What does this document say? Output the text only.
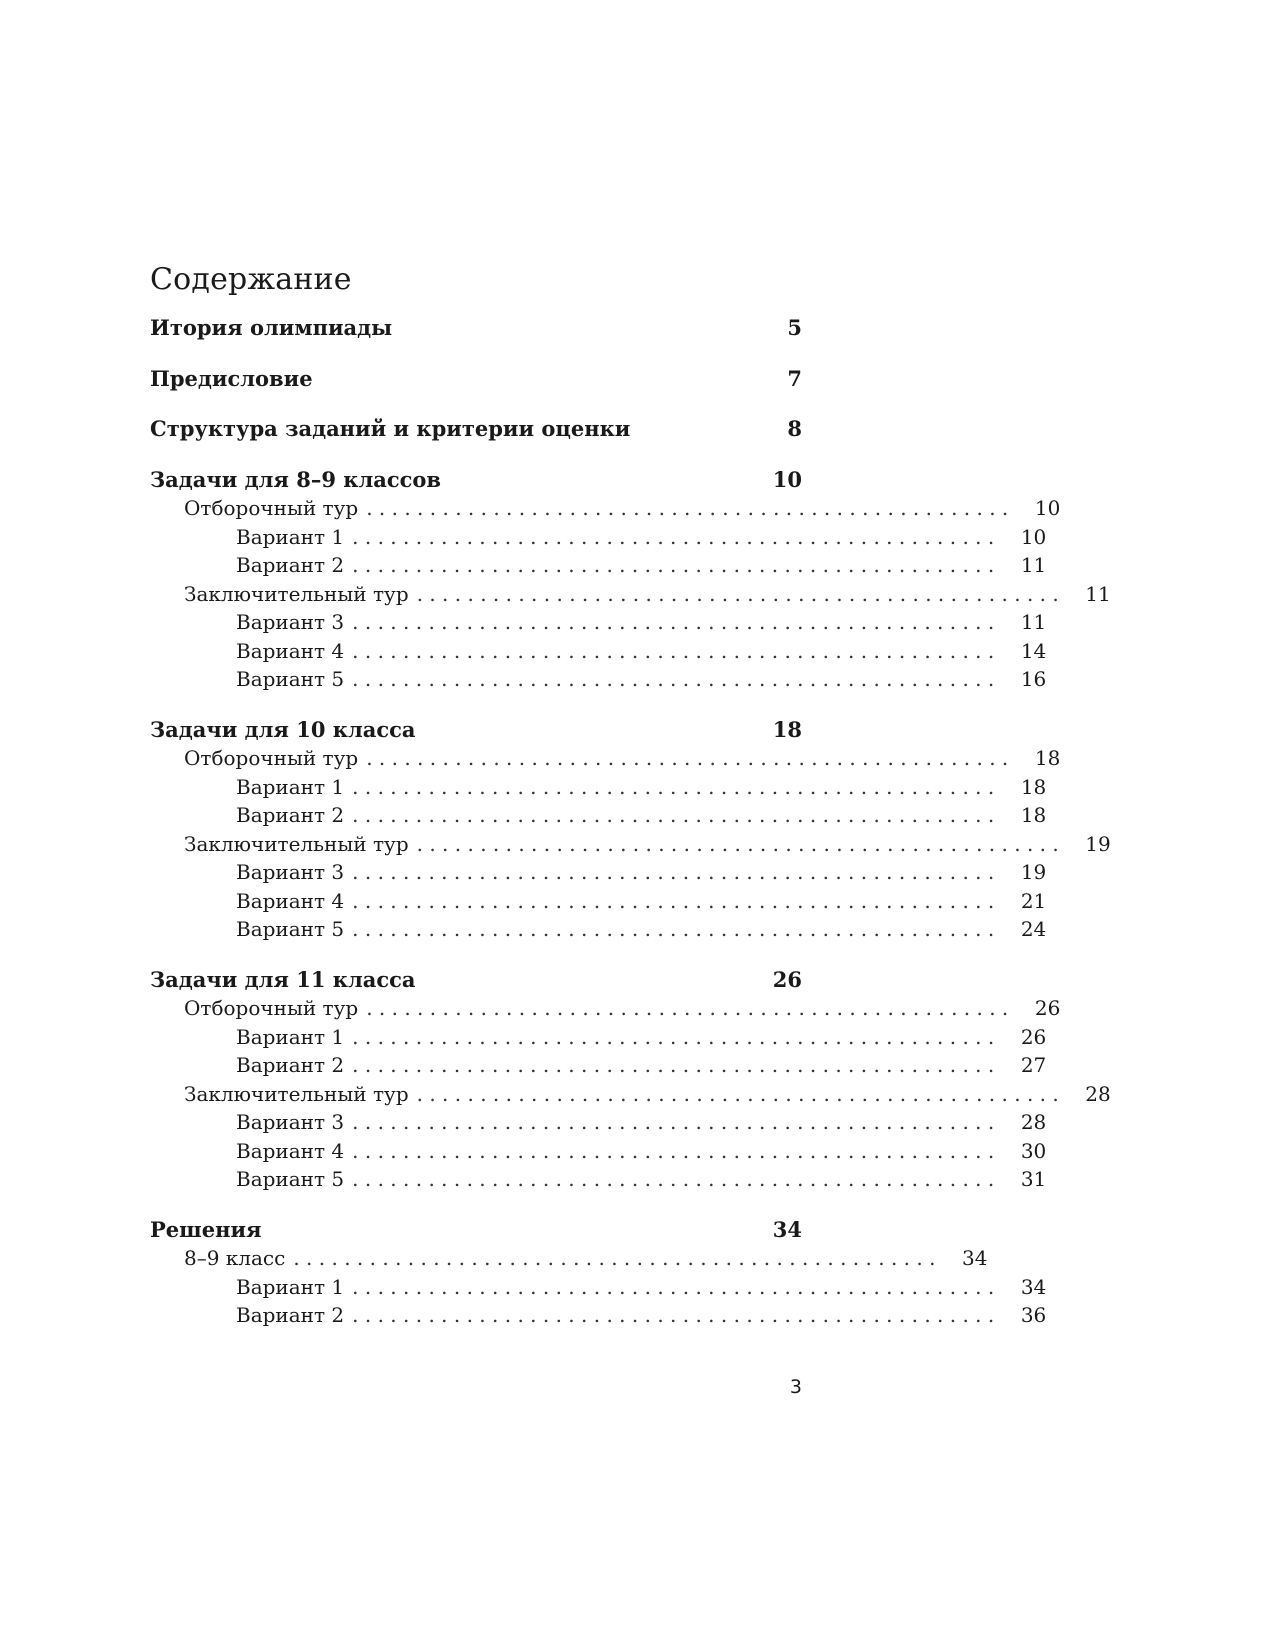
Содержание
Итория олимпиады	5
Предисловие	7
Структура заданий и критерии оценки	8
Задачи для 8–9 классов	10
Отборочный тур . . . . . . . . . . . . . . . . . . . . . . . . . . . . . . . . . . . . . . . . . . . . . . . . . . .	10
Вариант 1 . . . . . . . . . . . . . . . . . . . . . . . . . . . . . . . . . . . . . . . . . . . . . . . . . . .	10
Вариант 2 . . . . . . . . . . . . . . . . . . . . . . . . . . . . . . . . . . . . . . . . . . . . . . . . . . .	11
Заключительный тур . . . . . . . . . . . . . . . . . . . . . . . . . . . . . . . . . . . . . . . . . . . . . . . . . . .	11
Вариант 3 . . . . . . . . . . . . . . . . . . . . . . . . . . . . . . . . . . . . . . . . . . . . . . . . . . .	11
Вариант 4 . . . . . . . . . . . . . . . . . . . . . . . . . . . . . . . . . . . . . . . . . . . . . . . . . . .	14
Вариант 5 . . . . . . . . . . . . . . . . . . . . . . . . . . . . . . . . . . . . . . . . . . . . . . . . . . .	16
Задачи для 10 класса	18
Отборочный тур . . . . . . . . . . . . . . . . . . . . . . . . . . . . . . . . . . . . . . . . . . . . . . . . . . .	18
Вариант 1 . . . . . . . . . . . . . . . . . . . . . . . . . . . . . . . . . . . . . . . . . . . . . . . . . . .	18
Вариант 2 . . . . . . . . . . . . . . . . . . . . . . . . . . . . . . . . . . . . . . . . . . . . . . . . . . .	18
Заключительный тур . . . . . . . . . . . . . . . . . . . . . . . . . . . . . . . . . . . . . . . . . . . . . . . . . . .	19
Вариант 3 . . . . . . . . . . . . . . . . . . . . . . . . . . . . . . . . . . . . . . . . . . . . . . . . . . .	19
Вариант 4 . . . . . . . . . . . . . . . . . . . . . . . . . . . . . . . . . . . . . . . . . . . . . . . . . . .	21
Вариант 5 . . . . . . . . . . . . . . . . . . . . . . . . . . . . . . . . . . . . . . . . . . . . . . . . . . .	24
Задачи для 11 класса	26
Отборочный тур . . . . . . . . . . . . . . . . . . . . . . . . . . . . . . . . . . . . . . . . . . . . . . . . . . .	26
Вариант 1 . . . . . . . . . . . . . . . . . . . . . . . . . . . . . . . . . . . . . . . . . . . . . . . . . . .	26
Вариант 2 . . . . . . . . . . . . . . . . . . . . . . . . . . . . . . . . . . . . . . . . . . . . . . . . . . .	27
Заключительный тур . . . . . . . . . . . . . . . . . . . . . . . . . . . . . . . . . . . . . . . . . . . . . . . . . . .	28
Вариант 3 . . . . . . . . . . . . . . . . . . . . . . . . . . . . . . . . . . . . . . . . . . . . . . . . . . .	28
Вариант 4 . . . . . . . . . . . . . . . . . . . . . . . . . . . . . . . . . . . . . . . . . . . . . . . . . . .	30
Вариант 5 . . . . . . . . . . . . . . . . . . . . . . . . . . . . . . . . . . . . . . . . . . . . . . . . . . .	31
Решения	34
8–9 класс . . . . . . . . . . . . . . . . . . . . . . . . . . . . . . . . . . . . . . . . . . . . . . . . . . .	34
Вариант 1 . . . . . . . . . . . . . . . . . . . . . . . . . . . . . . . . . . . . . . . . . . . . . . . . . . .	34
Вариант 2 . . . . . . . . . . . . . . . . . . . . . . . . . . . . . . . . . . . . . . . . . . . . . . . . . . .	36
3
